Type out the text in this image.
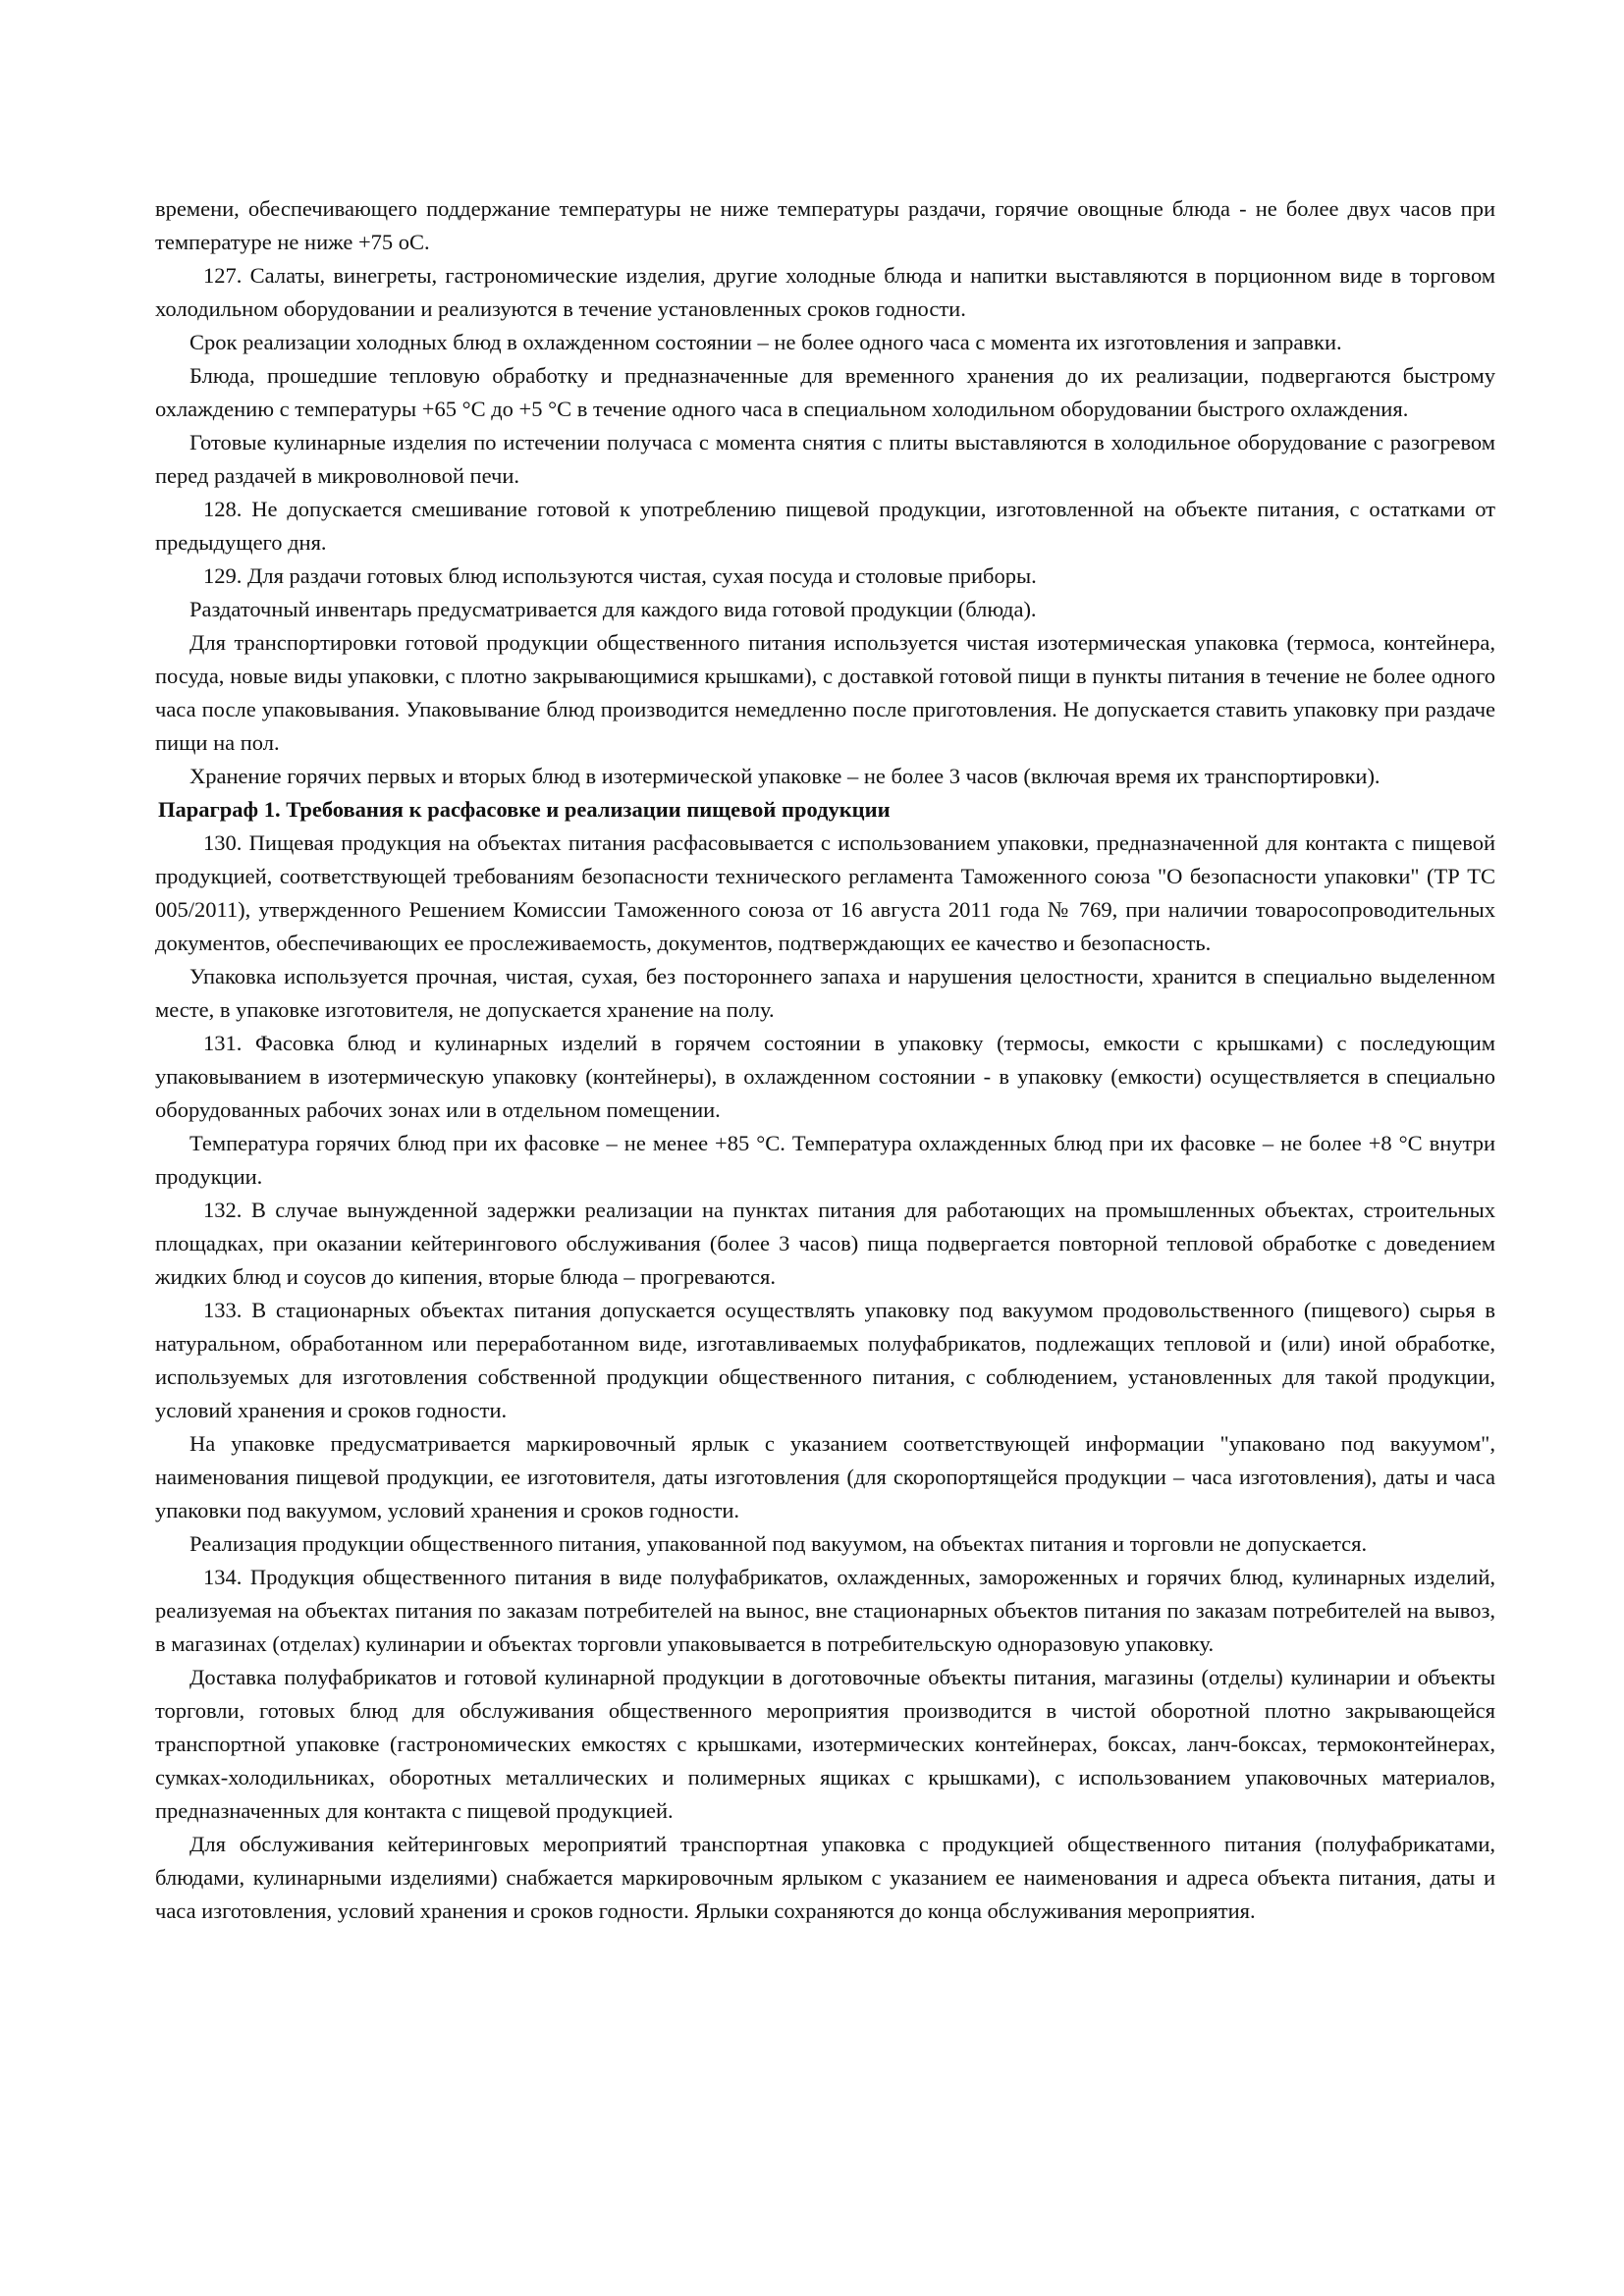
времени, обеспечивающего поддержание температуры не ниже температуры раздачи, горячие овощные блюда - не более двух часов при температуре не ниже +75 оС.

127. Салаты, винегреты, гастрономические изделия, другие холодные блюда и напитки выставляются в порционном виде в торговом холодильном оборудовании и реализуются в течение установленных сроков годности.

Срок реализации холодных блюд в охлажденном состоянии – не более одного часа с момента их изготовления и заправки.

Блюда, прошедшие тепловую обработку и предназначенные для временного хранения до их реализации, подвергаются быстрому охлаждению с температуры +65 °С до +5 °С в течение одного часа в специальном холодильном оборудовании быстрого охлаждения.

Готовые кулинарные изделия по истечении получаса с момента снятия с плиты выставляются в холодильное оборудование с разогревом перед раздачей в микроволновой печи.

128. Не допускается смешивание готовой к употреблению пищевой продукции, изготовленной на объекте питания, с остатками от предыдущего дня.

129. Для раздачи готовых блюд используются чистая, сухая посуда и столовые приборы.

Раздаточный инвентарь предусматривается для каждого вида готовой продукции (блюда).

Для транспортировки готовой продукции общественного питания используется чистая изотермическая упаковка (термоса, контейнера, посуда, новые виды упаковки, с плотно закрывающимися крышками), с доставкой готовой пищи в пункты питания в течение не более одного часа после упаковывания. Упаковывание блюд производится немедленно после приготовления. Не допускается ставить упаковку при раздаче пищи на пол.

Хранение горячих первых и вторых блюд в изотермической упаковке – не более 3 часов (включая время их транспортировки).

Параграф 1. Требования к расфасовке и реализации пищевой продукции

130. Пищевая продукция на объектах питания расфасовывается с использованием упаковки, предназначенной для контакта с пищевой продукцией, соответствующей требованиям безопасности технического регламента Таможенного союза "О безопасности упаковки" (ТР ТС 005/2011), утвержденного Решением Комиссии Таможенного союза от 16 августа 2011 года № 769, при наличии товаросопроводительных документов, обеспечивающих ее прослеживаемость, документов, подтверждающих ее качество и безопасность.

Упаковка используется прочная, чистая, сухая, без постороннего запаха и нарушения целостности, хранится в специально выделенном месте, в упаковке изготовителя, не допускается хранение на полу.

131. Фасовка блюд и кулинарных изделий в горячем состоянии в упаковку (термосы, емкости с крышками) с последующим упаковыванием в изотермическую упаковку (контейнеры), в охлажденном состоянии - в упаковку (емкости) осуществляется в специально оборудованных рабочих зонах или в отдельном помещении.

Температура горячих блюд при их фасовке – не менее +85 °С. Температура охлажденных блюд при их фасовке – не более +8 °С внутри продукции.

132. В случае вынужденной задержки реализации на пунктах питания для работающих на промышленных объектах, строительных площадках, при оказании кейтерингового обслуживания (более 3 часов) пища подвергается повторной тепловой обработке с доведением жидких блюд и соусов до кипения, вторые блюда – прогреваются.

133. В стационарных объектах питания допускается осуществлять упаковку под вакуумом продовольственного (пищевого) сырья в натуральном, обработанном или переработанном виде, изготавливаемых полуфабрикатов, подлежащих тепловой и (или) иной обработке, используемых для изготовления собственной продукции общественного питания, с соблюдением, установленных для такой продукции, условий хранения и сроков годности.

На упаковке предусматривается маркировочный ярлык с указанием соответствующей информации "упаковано под вакуумом", наименования пищевой продукции, ее изготовителя, даты изготовления (для скоропортящейся продукции – часа изготовления), даты и часа упаковки под вакуумом, условий хранения и сроков годности.

Реализация продукции общественного питания, упакованной под вакуумом, на объектах питания и торговли не допускается.

134. Продукция общественного питания в виде полуфабрикатов, охлажденных, замороженных и горячих блюд, кулинарных изделий, реализуемая на объектах питания по заказам потребителей на вынос, вне стационарных объектов питания по заказам потребителей на вывоз, в магазинах (отделах) кулинарии и объектах торговли упаковывается в потребительскую одноразовую упаковку.

Доставка полуфабрикатов и готовой кулинарной продукции в доготовочные объекты питания, магазины (отделы) кулинарии и объекты торговли, готовых блюд для обслуживания общественного мероприятия производится в чистой оборотной плотно закрывающейся транспортной упаковке (гастрономических емкостях с крышками, изотермических контейнерах, боксах, ланч-боксах, термоконтейнерах, сумках-холодильниках, оборотных металлических и полимерных ящиках с крышками), с использованием упаковочных материалов, предназначенных для контакта с пищевой продукцией.

Для обслуживания кейтеринговых мероприятий транспортная упаковка с продукцией общественного питания (полуфабрикатами, блюдами, кулинарными изделиями) снабжается маркировочным ярлыком с указанием ее наименования и адреса объекта питания, даты и часа изготовления, условий хранения и сроков годности. Ярлыки сохраняются до конца обслуживания мероприятия.
